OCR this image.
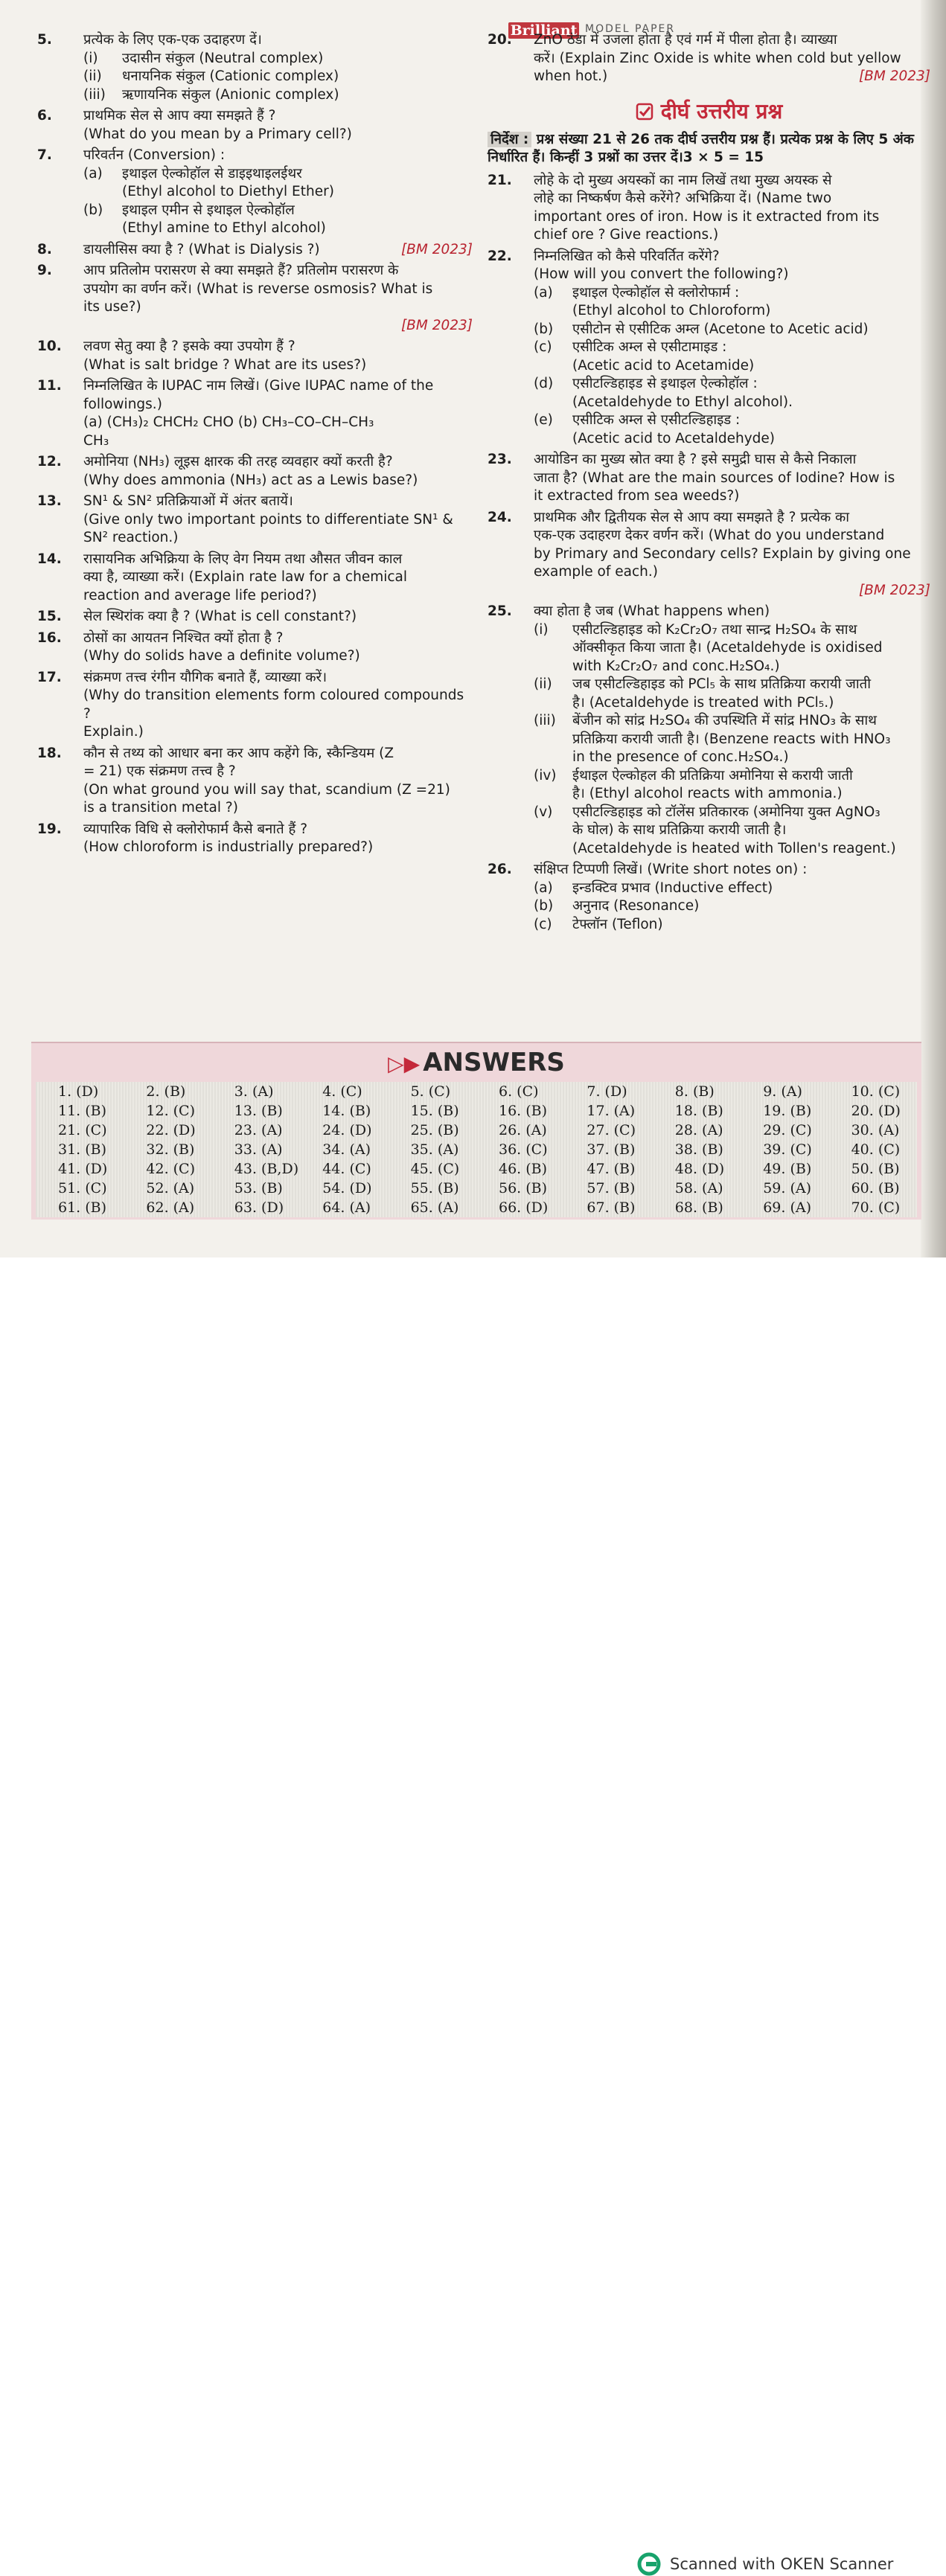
Brilliant MODEL PAPER
5.	प्रत्येक के लिए एक-एक उदाहरण दें।
(i)	उदासीन संकुल (Neutral complex)
(ii)	धनायनिक संकुल (Cationic complex)
(iii)	ऋणायनिक संकुल (Anionic complex)
6.	प्राथमिक सेल से आप क्या समझते हैं ?
(What do you mean by a Primary cell?)
7.	परिवर्तन (Conversion) :
(a)	इथाइल ऐल्कोहॉल से डाइइथाइलईथर
(Ethyl alcohol to Diethyl Ether)
(b)	इथाइल एमीन से इथाइल ऐल्कोहॉल
(Ethyl amine to Ethyl alcohol)
8.	डायलीसिस क्या है ? (What is Dialysis ?)	[BM 2023]
9.	आप प्रतिलोम परासरण से क्या समझते हैं? प्रतिलोम परासरण के
उपयोग का वर्णन करें। (What is reverse osmosis? What is
its use?)
[BM 2023]
10.	लवण सेतु क्या है ? इसके क्या उपयोग हैं ?
(What is salt bridge ? What are its uses?)
11.	निम्नलिखित के IUPAC नाम लिखें। (Give IUPAC name of the
followings.)
(a) (CH₃)₂ CHCH₂ CHO (b) CH₃–CO–CH–CH₃
CH₃
12.	अमोनिया (NH₃) लूइस क्षारक की तरह व्यवहार क्यों करती है?
(Why does ammonia (NH₃) act as a Lewis base?)
13.	SN¹ & SN² प्रतिक्रियाओं में अंतर बतायें।
(Give only two important points to differentiate SN¹ &
SN² reaction.)
14.	रासायनिक अभिक्रिया के लिए वेग नियम तथा औसत जीवन काल
क्या है, व्याख्या करें। (Explain rate law for a chemical
reaction and average life period?)
15.	सेल स्थिरांक क्या है ? (What is cell constant?)
16.	ठोसों का आयतन निश्चित क्यों होता है ?
(Why do solids have a definite volume?)
17.	संक्रमण तत्त्व रंगीन यौगिक बनाते हैं, व्याख्या करें।
(Why do transition elements form coloured compounds ?
Explain.)
18.	कौन से तथ्य को आधार बना कर आप कहेंगे कि, स्कैन्डियम (Z
= 21) एक संक्रमण तत्त्व है ?
(On what ground you will say that, scandium (Z =21)
is a transition metal ?)
19.	व्यापारिक विधि से क्लोरोफार्म कैसे बनाते हैं ?
(How chloroform is industrially prepared?)
20.	ZnO ठंडा में उजला होता है एवं गर्म में पीला होता है। व्याख्या
करें। (Explain Zinc Oxide is white when cold but yellow
when hot.)	[BM 2023]
दीर्घ उत्तरीय प्रश्न
निर्देश : प्रश्न संख्या 21 से 26 तक दीर्घ उत्तरीय प्रश्न हैं। प्रत्येक प्रश्न के लिए 5 अंक निर्धारित हैं। किन्हीं 3 प्रश्नों का उत्तर दें।3 × 5 = 15
21.	लोहे के दो मुख्य अयस्कों का नाम लिखें तथा मुख्य अयस्क से
लोहे का निष्कर्षण कैसे करेंगे? अभिक्रिया दें। (Name two
important ores of iron. How is it extracted from its
chief ore ? Give reactions.)
22.	निम्नलिखित को कैसे परिवर्तित करेंगे?
(How will you convert the following?)
(a)	इथाइल ऐल्कोहॉल से क्लोरोफार्म :
(Ethyl alcohol to Chloroform)
(b)	एसीटोन से एसीटिक अम्ल (Acetone to Acetic acid)
(c)	एसीटिक अम्ल से एसीटामाइड :
(Acetic acid to Acetamide)
(d)	एसीटल्डिहाइड से इथाइल ऐल्कोहॉल :
(Acetaldehyde to Ethyl alcohol).
(e)	एसीटिक अम्ल से एसीटल्डिहाइड :
(Acetic acid to Acetaldehyde)
23.	आयोडिन का मुख्य स्रोत क्या है ? इसे समुद्री घास से कैसे निकाला
जाता है? (What are the main sources of Iodine? How is
it extracted from sea weeds?)
24.	प्राथमिक और द्वितीयक सेल से आप क्या समझते है ? प्रत्येक का
एक-एक उदाहरण देकर वर्णन करें। (What do you understand
by Primary and Secondary cells? Explain by giving one
example of each.)
[BM 2023]
25.	क्या होता है जब (What happens when)
(i)	एसीटल्डिहाइड को K₂Cr₂O₇ तथा सान्द्र H₂SO₄ के साथ
ऑक्सीकृत किया जाता है। (Acetaldehyde is oxidised
with K₂Cr₂O₇ and conc.H₂SO₄.)
(ii)	जब एसीटल्डिहाइड को PCl₅ के साथ प्रतिक्रिया करायी जाती
है। (Acetaldehyde is treated with PCl₅.)
(iii)	बेंजीन को सांद्र H₂SO₄ की उपस्थिति में सांद्र HNO₃ के साथ
प्रतिक्रिया करायी जाती है। (Benzene reacts with HNO₃
in the presence of conc.H₂SO₄.)
(iv)	ईथाइल ऐल्कोहल की प्रतिक्रिया अमोनिया से करायी जाती
है। (Ethyl alcohol reacts with ammonia.)
(v)	एसीटल्डिहाइड को टॉलेंस प्रतिकारक (अमोनिया युक्त AgNO₃
के घोल) के साथ प्रतिक्रिया करायी जाती है।
(Acetaldehyde is heated with Tollen's reagent.)
26.	संक्षिप्त टिप्पणी लिखें। (Write short notes on) :
(a)	इन्डक्टिव प्रभाव (Inductive effect)
(b)	अनुनाद (Resonance)
(c)	टेफ्लॉन (Teflon)
▷▶ ANSWERS
1. (D)	2. (B)	3. (A)	4. (C)	5. (C)	6. (C)	7. (D)	8. (B)	9. (A)	10. (C)
11. (B)	12. (C)	13. (B)	14. (B)	15. (B)	16. (B)	17. (A)	18. (B)	19. (B)	20. (D)
21. (C)	22. (D)	23. (A)	24. (D)	25. (B)	26. (A)	27. (C)	28. (A)	29. (C)	30. (A)
31. (B)	32. (B)	33. (A)	34. (A)	35. (A)	36. (C)	37. (B)	38. (B)	39. (C)	40. (C)
41. (D)	42. (C)	43. (B,D)	44. (C)	45. (C)	46. (B)	47. (B)	48. (D)	49. (B)	50. (B)
51. (C)	52. (A)	53. (B)	54. (D)	55. (B)	56. (B)	57. (B)	58. (A)	59. (A)	60. (B)
61. (B)	62. (A)	63. (D)	64. (A)	65. (A)	66. (D)	67. (B)	68. (B)	69. (A)	70. (C)
Scanned with OKEN Scanner
